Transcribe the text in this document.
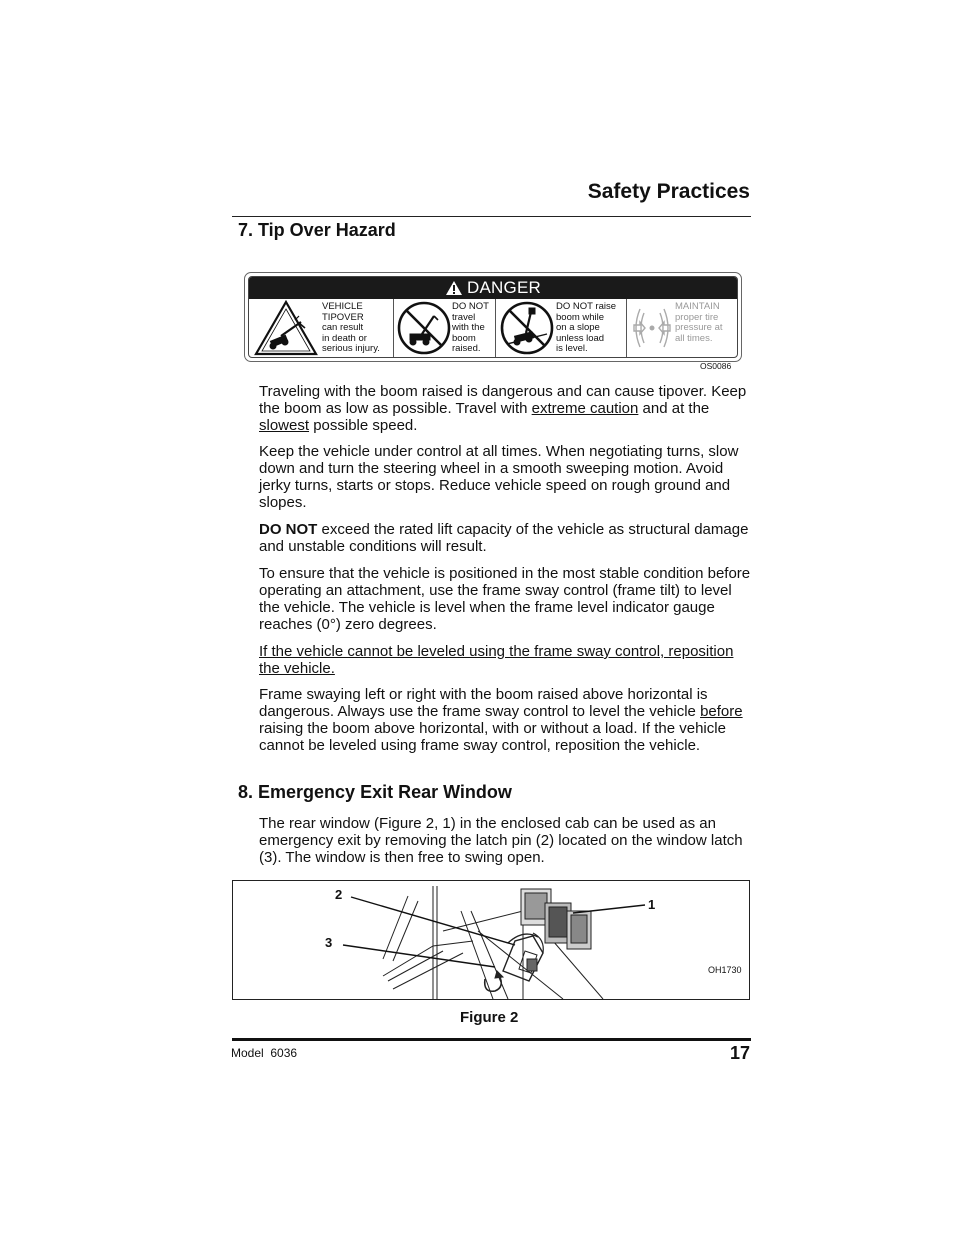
Safety Practices
7. Tip Over Hazard
DANGER
VEHICLE
TIPOVER
can result
in death or
serious injury.
DO NOT
travel
with the
boom
raised.
DO NOT raise
boom while
on a slope
unless load
is level.
MAINTAIN
proper tire
pressure at
all times.
OS0086
Traveling with the boom raised is dangerous and can cause tipover. Keep the boom as low as possible. Travel with extreme caution and at the slowest possible speed.
Keep the vehicle under control at all times. When negotiating turns, slow down and turn the steering wheel in a smooth sweeping motion. Avoid jerky turns, starts or stops. Reduce vehicle speed on rough ground and slopes.
DO NOT exceed the rated lift capacity of the vehicle as structural damage and unstable conditions will result.
To ensure that the vehicle is positioned in the most stable condition before operating an attachment, use the frame sway control (frame tilt) to level the vehicle. The vehicle is level when the frame level indicator gauge reaches (0°) zero degrees.
If the vehicle cannot be leveled using the frame sway control, reposition the vehicle.
Frame swaying left or right with the boom raised above horizontal is dangerous. Always use the frame sway control to level the vehicle before raising the boom above horizontal, with or without a load. If the vehicle cannot be leveled using frame sway control, reposition the vehicle.
8. Emergency Exit Rear Window
The rear window (Figure 2, 1) in the enclosed cab can be used as an emergency exit by removing the latch pin (2) located on the window latch (3). The window is then free to swing open.
2
3
1
OH1730
Figure 2
Model  6036	17
